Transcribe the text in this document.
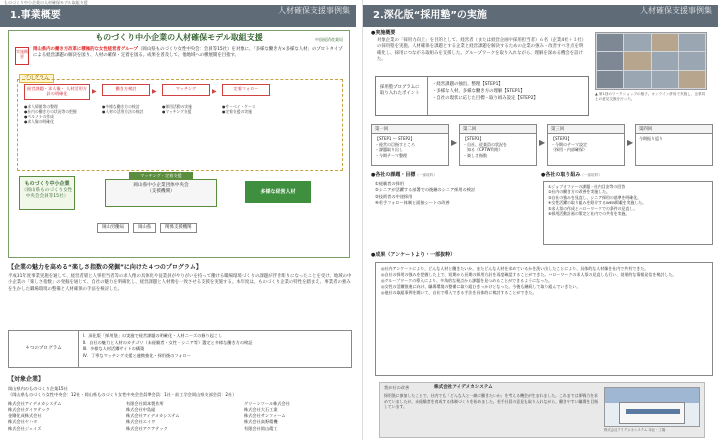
ものづくり中小企業の人材確保モデル取組支援
1.事業概要	人材確保支援事例集
ものづくり中小企業の人材確保モデル取組支援	中国経済産業局
実施概要
岡山県内の働き方改革に積極的な女性経営者グループ（岡山県ものづくり女性中央会：会員等15社）を対象に、「多様な働き方×多様な人材」のプロトタイプによる経営課題の解決を図り、人材の確保・定着を図る。成果を普及して、他地域への横展開を目指す。
プログラム
経営課題・求人像・ 人材活用方針の明確化	▶	働き方検討	▶	マッチング	▶	定着フォロー
●求人情報等の整理
●社内の働き方の状況等の把握
●ペルソナの作成
●求人像の明確化
●多様な働き方の検討
●人材の活用方法の検討
●採用活動の実施
●マッチング支援
●サーベイ・ケース
●定着支援の実施
ものづくり中小企業
（岡山県ものづくり女性中央会会員等15社）
マッチング・定着支援
岡山県中小企業団体中央会
（支援機関）	多様な経営人材
岡山労働局	岡山県	関係支援機関
【企業の魅力を高める“楽しさ指数の発掘”に向けた４つのプログラム】
平成31年度事業実施を通して、経営者層と人事担当者等の求人像の具体化や従業員がやりがいを持って働ける職場環境づくりの課題が浮き彫りになったことを受け、地域の中小企業の「楽しさ指数」の発掘を通じて、自社の魅力を明確化し、経営課題と人材像を一致させる支援を実施する。本年度は、ものづくり企業の特性を踏まえ、事業者の強みを生かした職場環境の整備と人材確保の手法を検討した。
４つのプログラム
Ⅰ．深化版「採用塾」の実施で経営課題の明確化・人材ニーズの掘り起こし
Ⅱ．自社の魅力と人材のカテゴリ（未経験者・女性・シニア等）選定と多様な働き方の検証
Ⅲ．多様な人材活躍サイトの構築
Ⅳ．丁寧なマッチング支援と連携強化・採用後のフォロー
【対象企業】
岡山県内のものづくり企業15社
（岡山県ものづくり女性中央会：12社・岡山県ものづくり女性中央会会員準会員：1社・前工学会岡山県支部会員：2社）
株式会社アイデメカシステム
株式会社ダイワテック
金剛化成株式会社
株式会社ヤハタ
株式会社ジェイズ
有限会社岡本製作所
株式会社中島組
株式会社アイデメカシステム
株式会社エイワ
株式会社アクアテック
グリーンツール株式会社
株式会社大石工業
株式会社サンファーム
株式会社高野精機
有限会社岡山精工
2.深化版“採用塾”の実施	人材確保支援事例集
●実施概要
対象企業の「採用力向上」を目的として、経営者（または経営企画や採用担当者）６名（企業4社＋３社）の採用塾を実施。人材確保を課題とする企業と経営課題を解決するための企業の強み・改善すべき点を明確化し、採用につながる取組みを支援した。グループワークを取り入れながら、理解を深める機会を設けた。
▲ 第1回のワークショップの様子。オンライン併用で実施し、企業同士の意見交換を行った。
採用塾プログラムに取り入れたポイント
・経営課題の抽出、整理【STEP1】
・多様な人材、多様な働き方の理解【STEP1】
・自社の現状に応じた目標・取り組み設定【STEP2】
第一回
【STEP1 ～ STEP2】
・経営の目指すところ
・課題取り出し
・今期テーマ整理
▶
第二回
【STEP3】
・自社、従業員の状況を
　知る（CPTW利用）
・楽しさ指数
▶
第三回
【STEP3】
・今期のテーマ設定
（採用・内部確保）
▶
第四回
今期振り返り
●各社の課題・目標（一部抜粋）
①経験者の採用
②シニアが活躍する部署での後継のシニア採用の検討
③技術者の中途採用
④若手フォロー体制と面接シートの改善
●各社の取り組み（一部抜粋）
①ジョブオファーの課題・社内目安等の回答
②社内の働き方の改善を実施した。
③自社の強みを見直し、シニア採用の基準を明確化。
④女性活躍の取り組みを紹介するWEB掲載を実施した。
⑤求人票の作成とハローワークでの条件の見直し。
⑥採用活動計画の策定と社内での共有を実施。
●成果（アンケートより・一部抜粋）
◎社内アンケートにより、どんな人材と働きたいか、またどんな人材を求めているかを洗い出したことにより、具体的な人材像を社内で共有できた。
◎自社の採用の強みを把握した上で、短期から長期の採用方針を再度確認することができた。ハローワークの求人票の見直しも行い、効果的な情報発信を検討した。
◎グループワークの導入により、多角的な視点から課題を見つめることができるようになった。
◎女性の活躍推進に向け、職場環境の整備に取り組むきっかけとなった。今後も継続して取り組んでいきたい。
◎他社の取組事例を聞いて、自社で導入できる手法を具体的に検討することができた。
我が社の改善	株式会社アイデメカシステム
採用塾に参加したことで、社内でも「どんな人と一緒に働きたいか」を考える機会が生まれました。これまでは即戦力を求めていましたが、未経験者を育成する体制づくりを始めました。若手社員の意見も取り入れながら、働きやすい職場を目指しています。
株式会社アイデメカシステム 本社・工場
